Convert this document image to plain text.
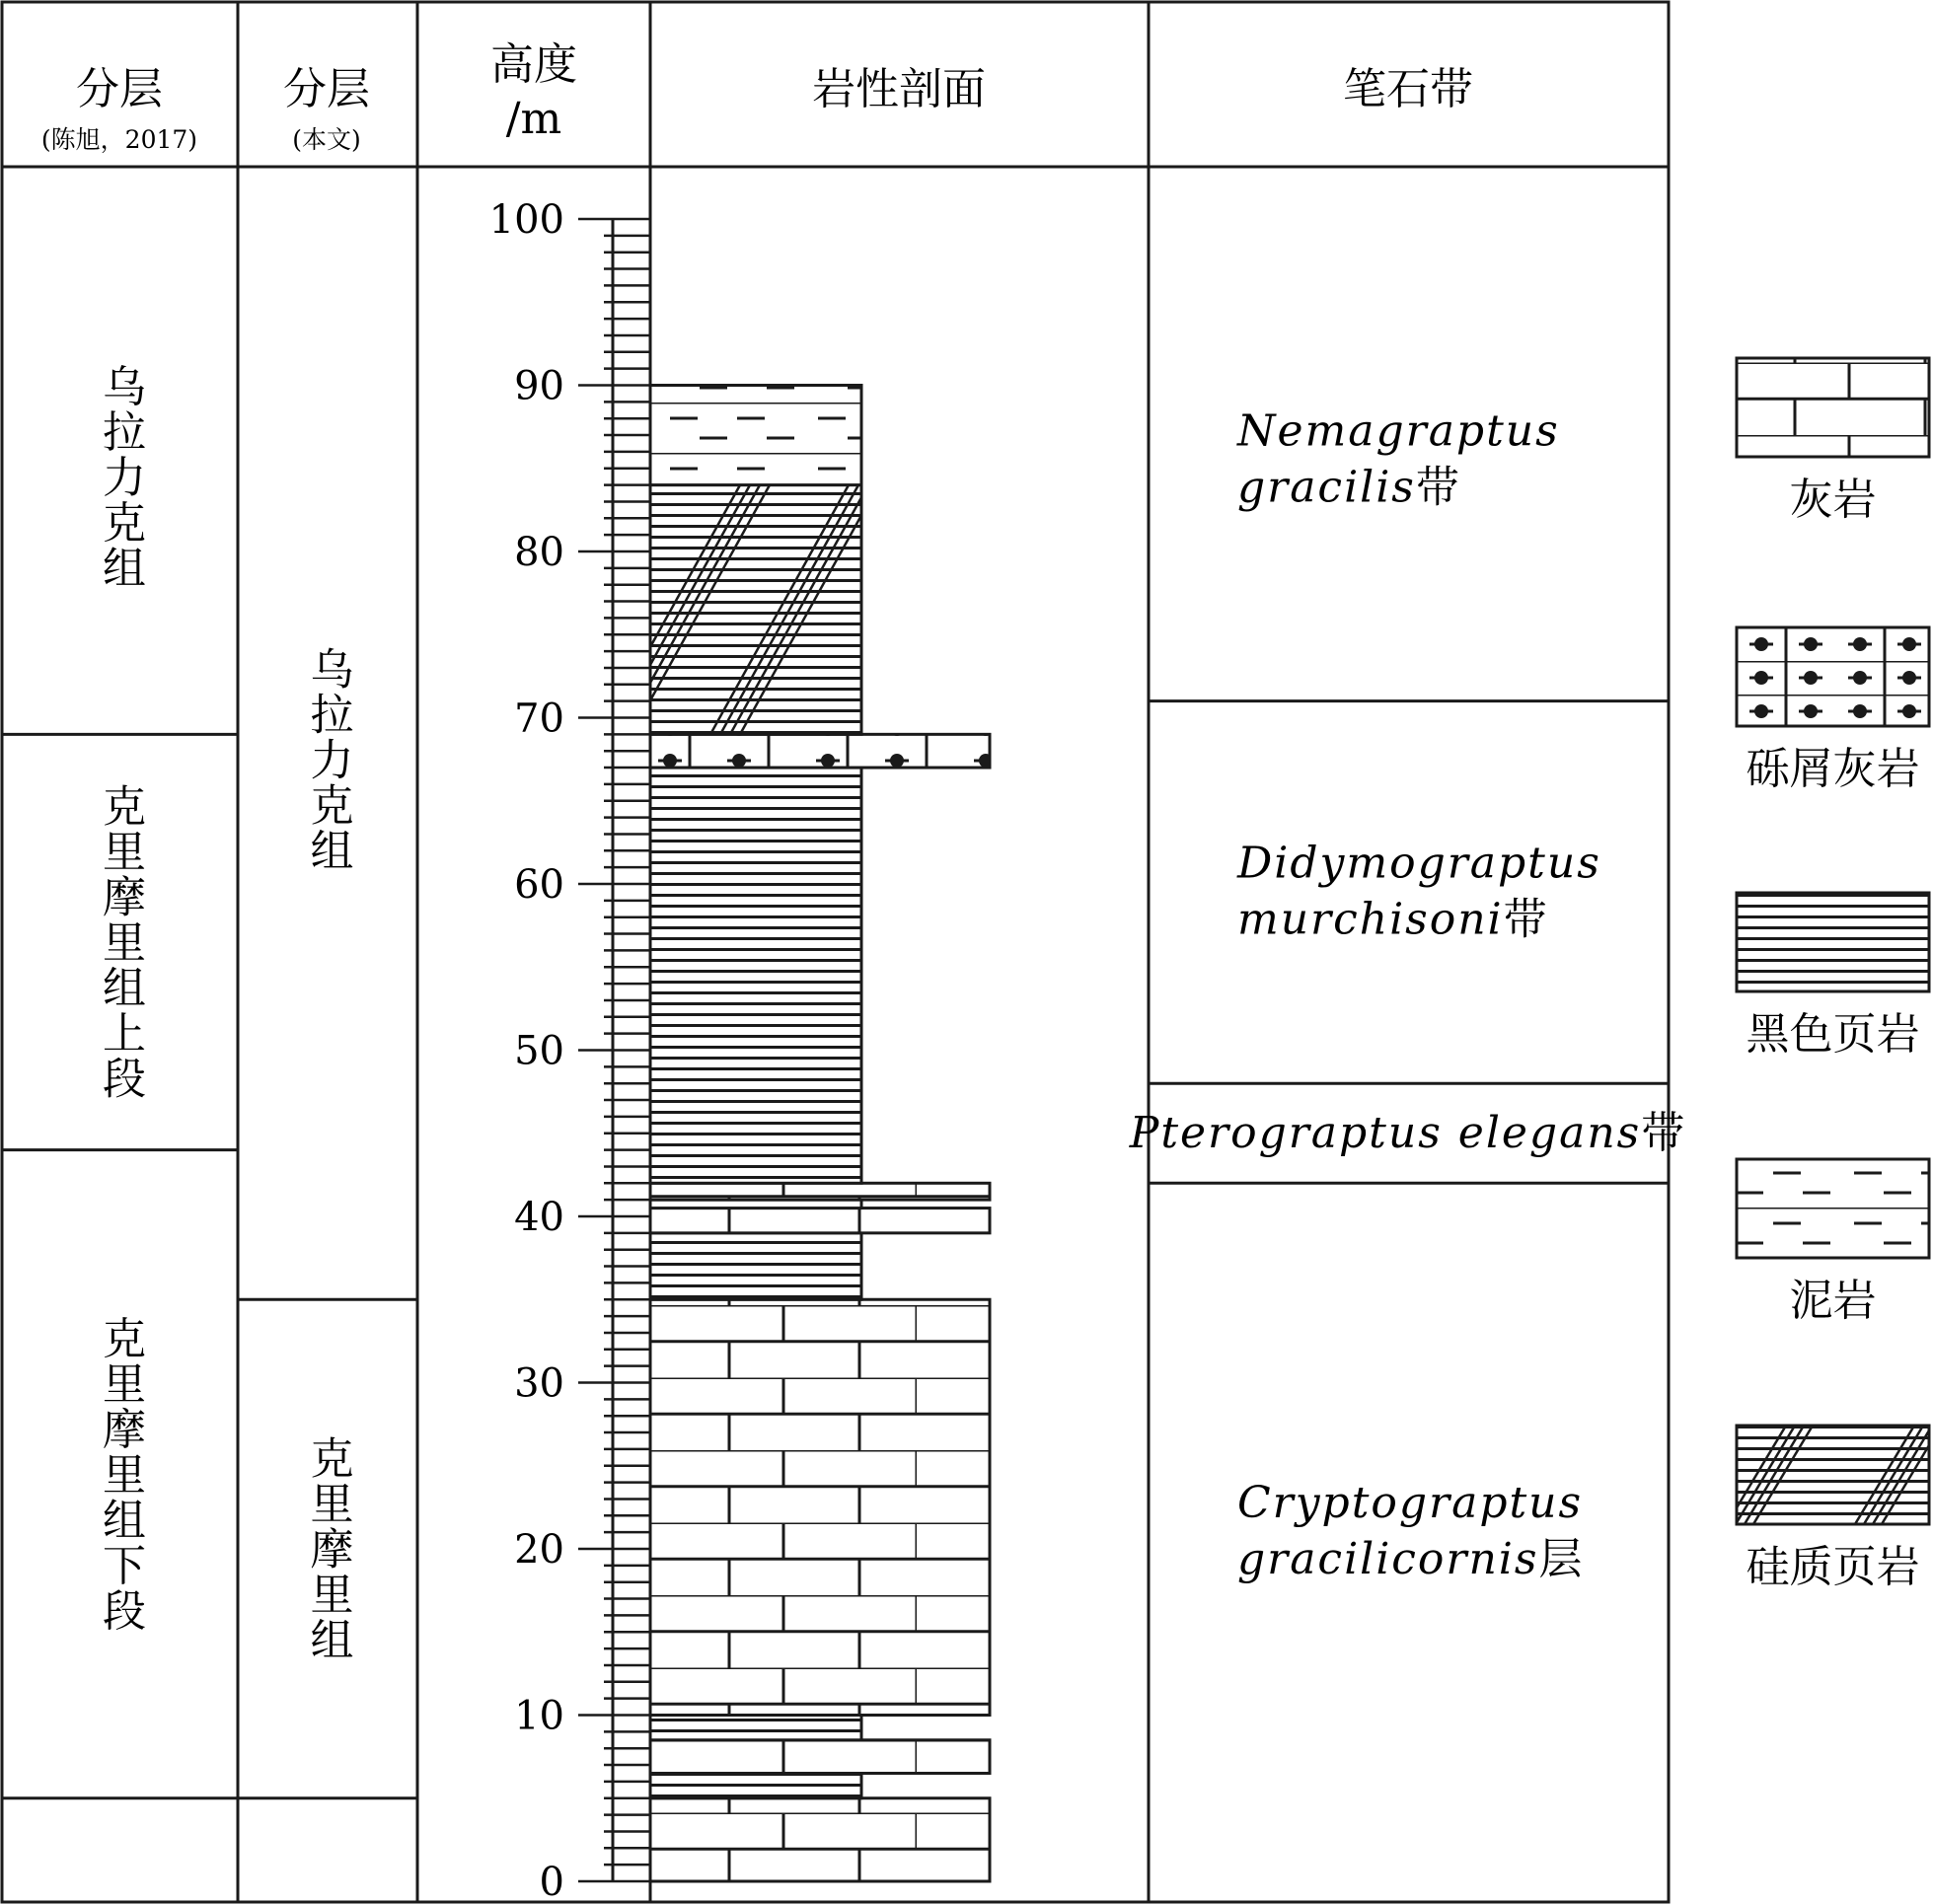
分层
(陈旭，2017)
分层
(本文)
高度
/m
岩性剖面	笔石带
乌拉力克组
克里摩里组上段
克里摩里组下段
乌拉力克组
克里摩里组
0
10
20
30
40
50
60
70
80
90
100
Nemagraptus
gracilis带
Didymograptus
murchisoni带
Pterograptus elegans带
Cryptograptus
gracilicornis层
灰岩
砾屑灰岩
黑色页岩
泥岩
硅质页岩
